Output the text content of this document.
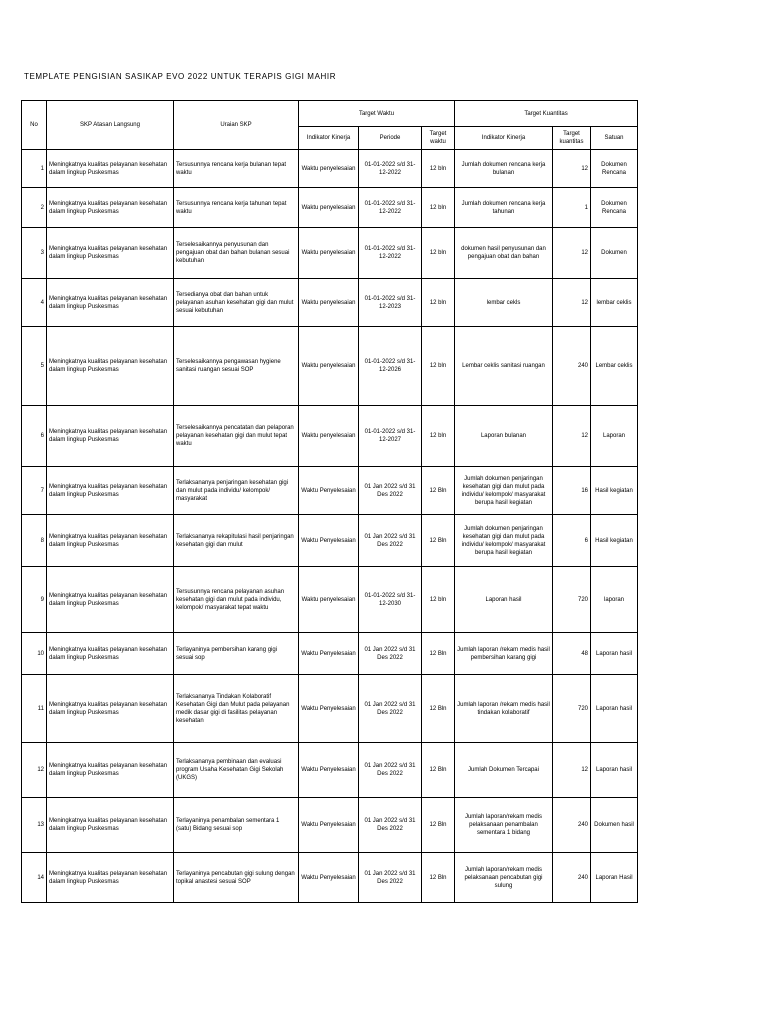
TEMPLATE PENGISIAN SASIKAP EVO 2022 UNTUK TERAPIS GIGI MAHIR
No	SKP Atasan Langsung	Uraian SKP	Target Waktu			Target Kuantitas		
			Indikator Kinerja	Periode	Target waktu	Indikator Kinerja	Target kuantitas	Satuan
1	Meningkatnya kualitas pelayanan kesehatan dalam lingkup Puskesmas	Tersusunnya rencana kerja bulanan tepat waktu	Waktu penyelesaian	01-01-2022 s/d 31-12-2022	12 bln	Jumlah dokumen rencana kerja bulanan	12	Dokumen Rencana
2	Meningkatnya kualitas pelayanan kesehatan dalam lingkup Puskesmas	Tersusunnya rencana kerja tahunan tepat waktu	Waktu penyelesaian	01-01-2022 s/d 31-12-2022	12 bln	Jumlah dokumen rencana kerja tahunan	1	Dokumen Rencana
3	Meningkatnya kualitas pelayanan kesehatan dalam lingkup Puskesmas	Terselesaikannya penyusunan dan pengajuan obat dan bahan bulanan sesuai kebutuhan	Waktu penyelesaian	01-01-2022 s/d 31-12-2022	12 bln	dokumen hasil penyusunan dan pengajuan obat dan bahan	12	Dokumen
4	Meningkatnya kualitas pelayanan kesehatan dalam lingkup Puskesmas	Tersedianya obat dan bahan untuk pelayanan asuhan kesehatan gigi dan mulut sesuai kebutuhan	Waktu penyelesaian	01-01-2022 s/d 31-12-2023	12 bln	lembar cekls	12	lembar ceklis
5	Meningkatnya kualitas pelayanan kesehatan dalam lingkup Puskesmas	Terselesaikannya pengawasan hygiene sanitasi ruangan sesuai SOP	Waktu penyelesaian	01-01-2022 s/d 31-12-2026	12 bln	Lembar ceklis sanitasi ruangan	240	Lembar ceklis
6	Meningkatnya kualitas pelayanan kesehatan dalam lingkup Puskesmas	Terselesaikannya pencatatan dan pelaporan pelayanan kesehatan gigi dan mulut tepat waktu	Waktu penyelesaian	01-01-2022 s/d 31-12-2027	12 bln	Laporan bulanan	12	Laporan
7	Meningkatnya kualitas pelayanan kesehatan dalam lingkup Puskesmas	Terlaksananya penjaringan kesehatan gigi dan mulut pada individu/ kelompok/ masyarakat	Waktu Penyelesaian	01 Jan 2022 s/d 31 Des 2022	12 Bln	Jumlah dokumen penjaringan kesehatan gigi dan mulut pada individu/ kelompok/ masyarakat berupa hasil kegiatan	16	Hasil kegiatan
8	Meningkatnya kualitas pelayanan kesehatan dalam lingkup Puskesmas	Terlaksananya rekapitulasi hasil penjaringan kesehatan gigi dan mulut	Waktu Penyelesaian	01 Jan 2022 s/d 31 Des 2022	12 Bln	Jumlah dokumen penjaringan kesehatan gigi dan mulut pada individu/ kelompok/ masyarakat berupa hasil kegiatan	6	Hasil kegiatan
9	Meningkatnya kualitas pelayanan kesehatan dalam lingkup Puskesmas	Tersusunnya rencana pelayanan asuhan kesehatan gigi dan mulut pada individu, kelompok/ masyarakat tepat waktu	Waktu penyelesaian	01-01-2022 s/d 31-12-2030	12 bln	Laporan hasil	720	laporan
10	Meningkatnya kualitas pelayanan kesehatan dalam lingkup Puskesmas	Terlayaninya pembersihan karang gigi sesuai sop	Waktu Penyelesaian	01 Jan 2022 s/d 31 Des 2022	12 Bln	Jumlah laporan /rekam medis hasil pembersihan karang gigi	48	Laporan hasil
11	Meningkatnya kualitas pelayanan kesehatan dalam lingkup Puskesmas	Terlaksananya Tindakan Kolaboratif Kesehatan Gigi dan Mulut pada pelayanan medik dasar gigi di fasilitas pelayanan kesehatan	Waktu Penyelesaian	01 Jan 2022 s/d 31 Des 2022	12 Bln	Jumlah laporan /rekam medis hasil tindakan kolaboratif	720	Laporan hasil
12	Meningkatnya kualitas pelayanan kesehatan dalam lingkup Puskesmas	Terlaksananya pembinaan dan evaluasi program Usaha Kesehatan Gigi Sekolah (UKGS)	Waktu Penyelesaian	01 Jan 2022 s/d 31 Des 2022	12 Bln	Jumlah Dokumen Tercapai	12	Laporan hasil
13	Meningkatnya kualitas pelayanan kesehatan dalam lingkup Puskesmas	Terlayaninya penambalan sementara 1 (satu) Bidang sesuai sop	Waktu Penyelesaian	01 Jan 2022 s/d 31 Des 2022	12 Bln	Jumlah laporan/rekam medis pelaksanaan penambalan sementara 1 bidang	240	Dokumen hasil
14	Meningkatnya kualitas pelayanan kesehatan dalam lingkup Puskesmas	Terlayaninya pencabutan gigi sulung dengan topikal anastesi sesuai SOP	Waktu Penyelesaian	01 Jan 2022 s/d 31 Des 2022	12 Bln	Jumlah laporan/rekam medis pelaksanaan pencabutan gigi sulung	240	Laporan Hasil
